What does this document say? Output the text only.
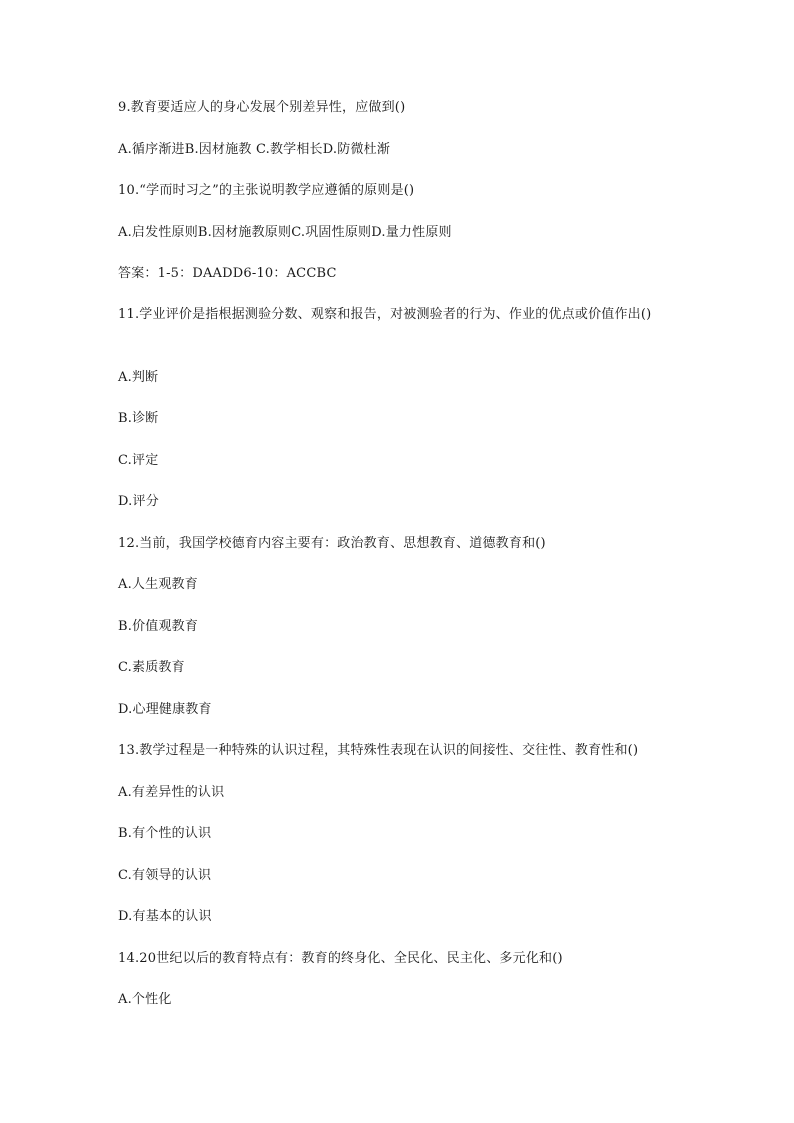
9.教育要适应人的身心发展个别差异性，应做到()
A.循序渐进B.因材施教 C.教学相长D.防微杜渐
10.“学而时习之”的主张说明教学应遵循的原则是()
A.启发性原则B.因材施教原则C.巩固性原则D.量力性原则
答案：1-5：DAADD6-10：ACCBC
11.学业评价是指根据测验分数、观察和报告，对被测验者的行为、作业的优点或价值作出()
A.判断
B.诊断
C.评定
D.评分
12.当前，我国学校德育内容主要有：政治教育、思想教育、道德教育和()
A.人生观教育
B.价值观教育
C.素质教育
D.心理健康教育
13.教学过程是一种特殊的认识过程，其特殊性表现在认识的间接性、交往性、教育性和()
A.有差异性的认识
B.有个性的认识
C.有领导的认识
D.有基本的认识
14.20世纪以后的教育特点有：教育的终身化、全民化、民主化、多元化和()
A.个性化
